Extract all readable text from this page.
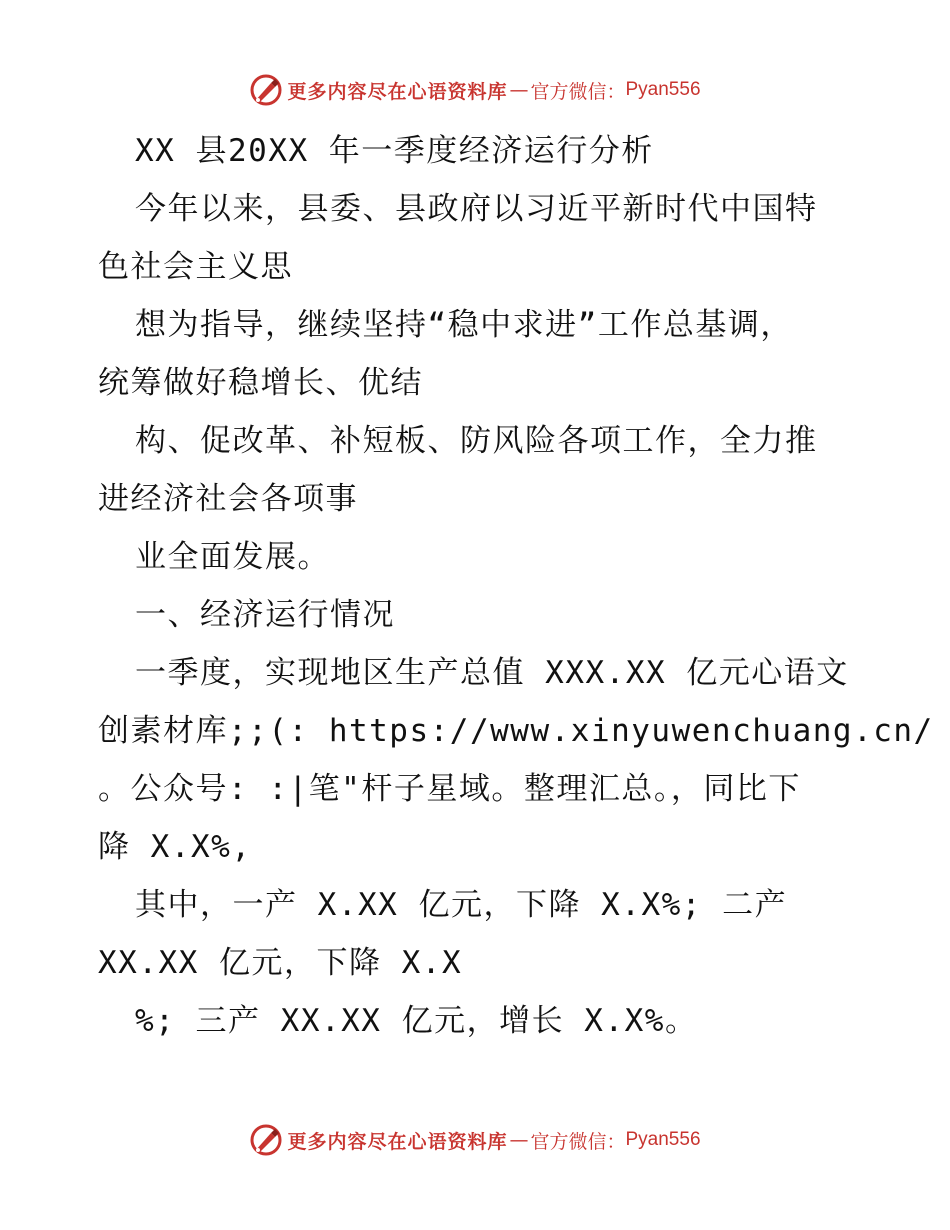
更多内容尽在心语资料库 — 官方微信： Pyan556
XX 县20XX 年一季度经济运行分析
今年以来，县委、县政府以习近平新时代中国特
色社会主义思
想为指导，继续坚持“稳中求进”工作总基调，
统筹做好稳增长、优结
构、促改革、补短板、防风险各项工作，全力推
进经济社会各项事
业全面发展。
一、经济运行情况
一季度，实现地区生产总值 XXX.XX 亿元心语文
创素材库;;(: https://www.xinyuwenchuang.cn/
。公众号: :|笔"杆子星域。整理汇总。，同比下
降 X.X%,
其中，一产 X.XX 亿元，下降 X.X%; 二产
XX.XX 亿元，下降 X.X
%; 三产 XX.XX 亿元，增长 X.X%。
更多内容尽在心语资料库 — 官方微信： Pyan556
